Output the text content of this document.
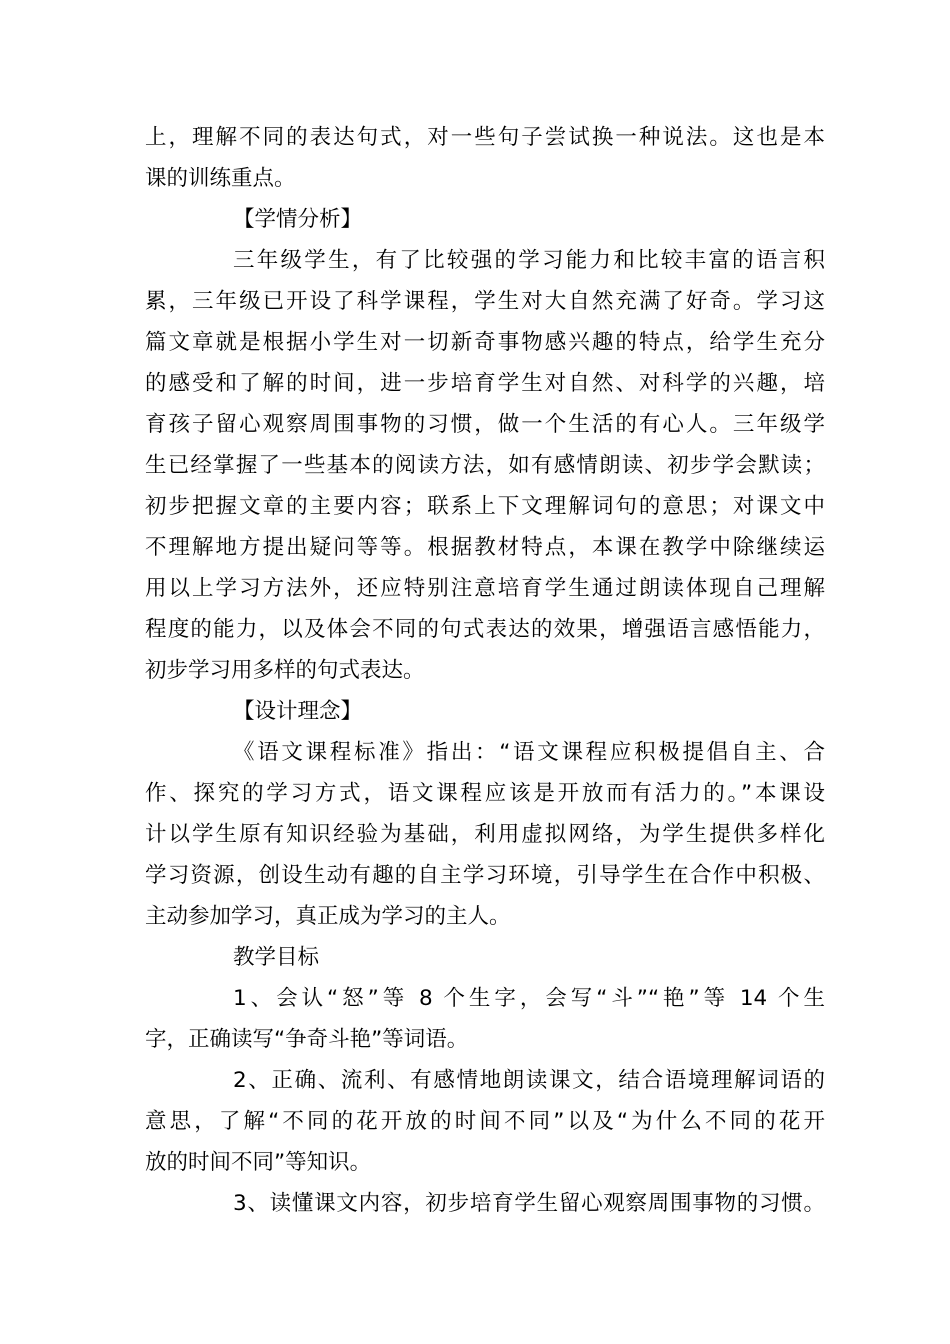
上，理解不同的表达句式，对一些句子尝试换一种说法。这也是本
课的训练重点。
【学情分析】
三年级学生，有了比较强的学习能力和比较丰富的语言积
累，三年级已开设了科学课程，学生对大自然充满了好奇。学习这
篇文章就是根据小学生对一切新奇事物感兴趣的特点，给学生充分
的感受和了解的时间，进一步培育学生对自然、对科学的兴趣，培
育孩子留心观察周围事物的习惯，做一个生活的有心人。三年级学
生已经掌握了一些基本的阅读方法，如有感情朗读、初步学会默读；
初步把握文章的主要内容；联系上下文理解词句的意思；对课文中
不理解地方提出疑问等等。根据教材特点，本课在教学中除继续运
用以上学习方法外，还应特别注意培育学生通过朗读体现自己理解
程度的能力，以及体会不同的句式表达的效果，增强语言感悟能力，
初步学习用多样的句式表达。
【设计理念】
《语文课程标准》指出：“语文课程应积极提倡自主、合
作、探究的学习方式，语文课程应该是开放而有活力的。”本课设
计以学生原有知识经验为基础，利用虚拟网络，为学生提供多样化
学习资源，创设生动有趣的自主学习环境，引导学生在合作中积极、
主动参加学习，真正成为学习的主人。
教学目标
1、会认“怒”等 8 个生字，会写“斗”“艳”等 14 个生
字，正确读写“争奇斗艳”等词语。
2、正确、流利、有感情地朗读课文，结合语境理解词语的
意思，了解“不同的花开放的时间不同”以及“为什么不同的花开
放的时间不同”等知识。
3、读懂课文内容，初步培育学生留心观察周围事物的习惯。
